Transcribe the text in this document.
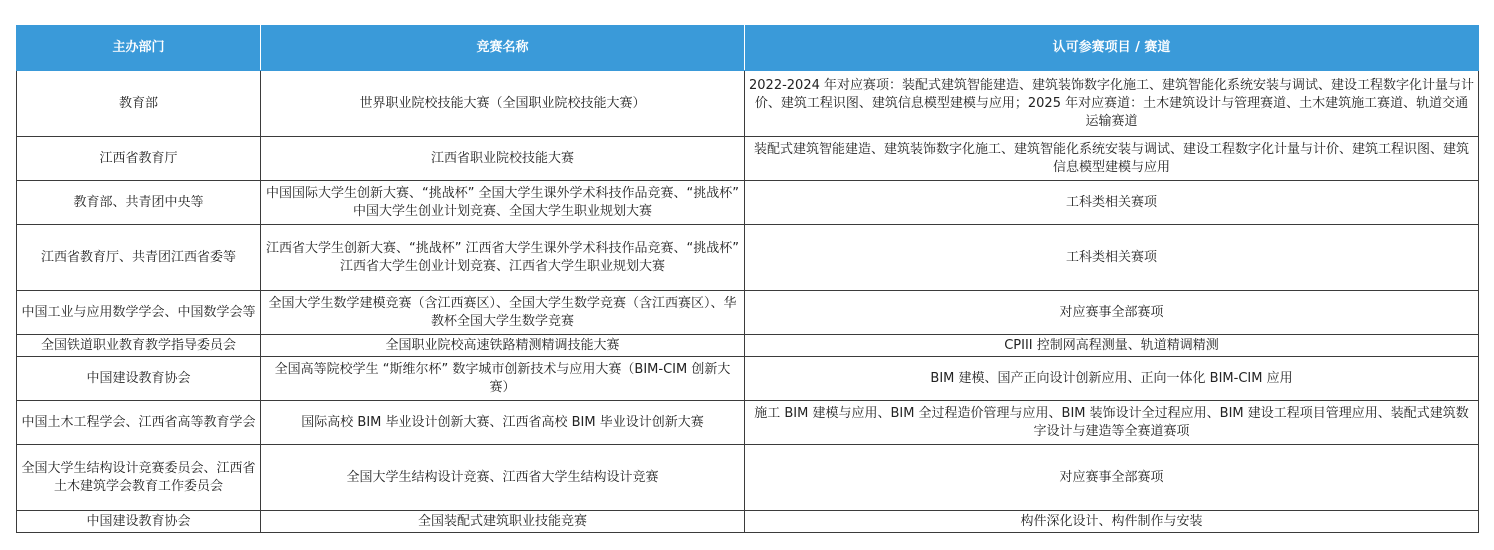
主办部门	竞赛名称	认可参赛项目 / 赛道
教育部	世界职业院校技能大赛（全国职业院校技能大赛）	2022-2024 年对应赛项：装配式建筑智能建造、建筑装饰数字化施工、建筑智能化系统安装与调试、建设工程数字化计量与计价、建筑工程识图、建筑信息模型建模与应用；2025 年对应赛道：土木建筑设计与管理赛道、土木建筑施工赛道、轨道交通运输赛道
江西省教育厅	江西省职业院校技能大赛	装配式建筑智能建造、建筑装饰数字化施工、建筑智能化系统安装与调试、建设工程数字化计量与计价、建筑工程识图、建筑信息模型建模与应用
教育部、共青团中央等	中国国际大学生创新大赛、“挑战杯” 全国大学生课外学术科技作品竞赛、“挑战杯” 中国大学生创业计划竞赛、全国大学生职业规划大赛	工科类相关赛项
江西省教育厅、共青团江西省委等	江西省大学生创新大赛、“挑战杯” 江西省大学生课外学术科技作品竞赛、“挑战杯” 江西省大学生创业计划竞赛、江西省大学生职业规划大赛	工科类相关赛项
中国工业与应用数学学会、中国数学会等	全国大学生数学建模竞赛（含江西赛区）、全国大学生数学竞赛（含江西赛区）、华教杯全国大学生数学竞赛	对应赛事全部赛项
全国铁道职业教育教学指导委员会	全国职业院校高速铁路精测精调技能大赛	CPIII 控制网高程测量、轨道精调精测
中国建设教育协会	全国高等院校学生 “斯维尔杯” 数字城市创新技术与应用大赛（BIM-CIM 创新大赛）	BIM 建模、国产正向设计创新应用、正向一体化 BIM-CIM 应用
中国土木工程学会、江西省高等教育学会	国际高校 BIM 毕业设计创新大赛、江西省高校 BIM 毕业设计创新大赛	施工 BIM 建模与应用、BIM 全过程造价管理与应用、BIM 装饰设计全过程应用、BIM 建设工程项目管理应用、装配式建筑数字设计与建造等全赛道赛项
全国大学生结构设计竞赛委员会、江西省土木建筑学会教育工作委员会	全国大学生结构设计竞赛、江西省大学生结构设计竞赛	对应赛事全部赛项
中国建设教育协会	全国装配式建筑职业技能竞赛	构件深化设计、构件制作与安装
